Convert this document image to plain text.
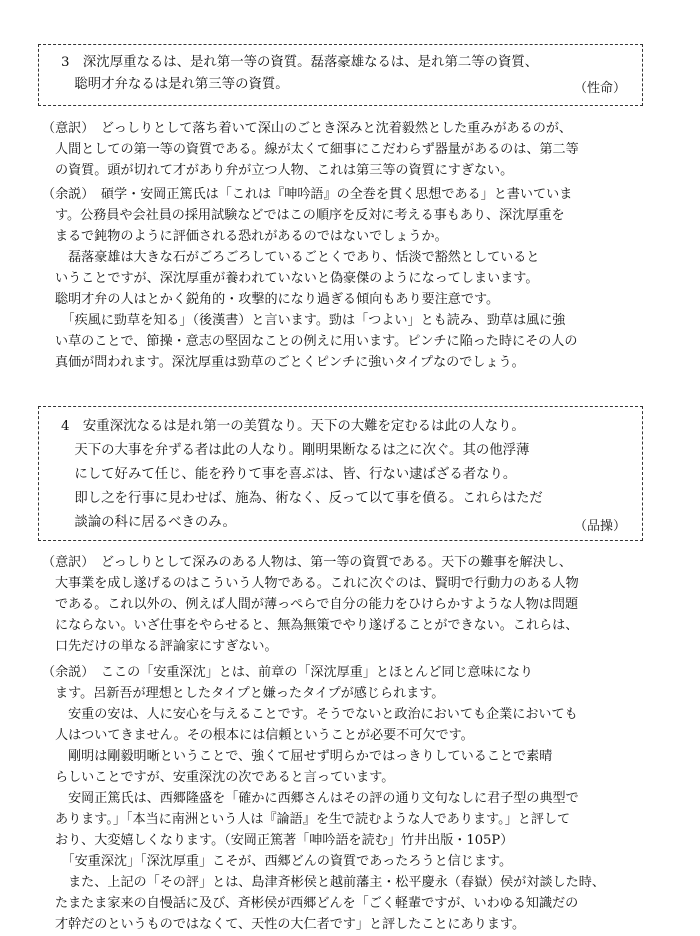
3　深沈厚重なるは、是れ第一等の資質。磊落豪雄なるは、是れ第二等の資質、
　聡明才弁なるは是れ第三等の資質。	（性命）
（意訳）　どっしりとして落ち着いて深山のごとき深みと沈着毅然とした重みがあるのが、
人間としての第一等の資質である。線が太くて細事にこだわらず器量があるのは、第二等
の資質。頭が切れて才があり弁が立つ人物、これは第三等の資質にすぎない。
（余説）　碩学・安岡正篤氏は「これは『呻吟語』の全巻を貫く思想である」と書いていま
す。公務員や会社員の採用試験などではこの順序を反対に考える事もあり、深沈厚重を
まるで鈍物のように評価される恐れがあるのではないでしょうか。
　磊落豪雄は大きな石がごろごろしているごとくであり、恬淡で豁然としていると
いうことですが、深沈厚重が養われていないと偽豪傑のようになってしまいます。
聡明才弁の人はとかく鋭角的・攻撃的になり過ぎる傾向もあり要注意です。
　「疾風に勁草を知る」（後漢書）と言います。勁は「つよい」とも読み、勁草は風に強
い草のことで、節操・意志の堅固なことの例えに用います。ピンチに陥った時にその人の
真価が問われます。深沈厚重は勁草のごとくピンチに強いタイプなのでしょう。
4　安重深沈なるは是れ第一の美質なり。天下の大難を定むるは此の人なり。
　天下の大事を弁ずる者は此の人なり。剛明果断なるは之に次ぐ。其の他浮薄
　にして好みて任じ、能を矜りて事を喜ぶは、皆、行ない逮ばざる者なり。
　即し之を行事に見わせば、施為、術なく、反って以て事を僨る。これらはただ
　談論の科に居るべきのみ。	（品操）
（意訳）　どっしりとして深みのある人物は、第一等の資質である。天下の難事を解決し、
大事業を成し遂げるのはこういう人物である。これに次ぐのは、賢明で行動力のある人物
である。これ以外の、例えば人間が薄っぺらで自分の能力をひけらかすような人物は問題
にならない。いざ仕事をやらせると、無為無策でやり遂げることができない。これらは、
口先だけの単なる評論家にすぎない。
（余説）　ここの「安重深沈」とは、前章の「深沈厚重」とほとんど同じ意味になり
ます。呂新吾が理想としたタイプと嫌ったタイプが感じられます。
　安重の安は、人に安心を与えることです。そうでないと政治においても企業においても
人はついてきません。その根本には信頼ということが必要不可欠です。
　剛明は剛毅明晰ということで、強くて屈せず明らかではっきりしていることで素晴
らしいことですが、安重深沈の次であると言っています。
　安岡正篤氏は、西郷隆盛を「確かに西郷さんはその評の通り文句なしに君子型の典型で
あります。」「本当に南洲という人は『論語』を生で読むような人であります。」と評して
おり、大変嬉しくなります。（安岡正篤著「呻吟語を読む」竹井出版・105P）
　「安重深沈」「深沈厚重」こそが、西郷どんの資質であったろうと信じます。
　また、上記の「その評」とは、島津斉彬侯と越前藩主・松平慶永（春嶽）侯が対談した時、
たまたま家来の自慢話に及び、斉彬侯が西郷どんを「ごく軽輩ですが、いわゆる知識だの
才幹だのというものではなくて、天性の大仁者です」と評したことにあります。
